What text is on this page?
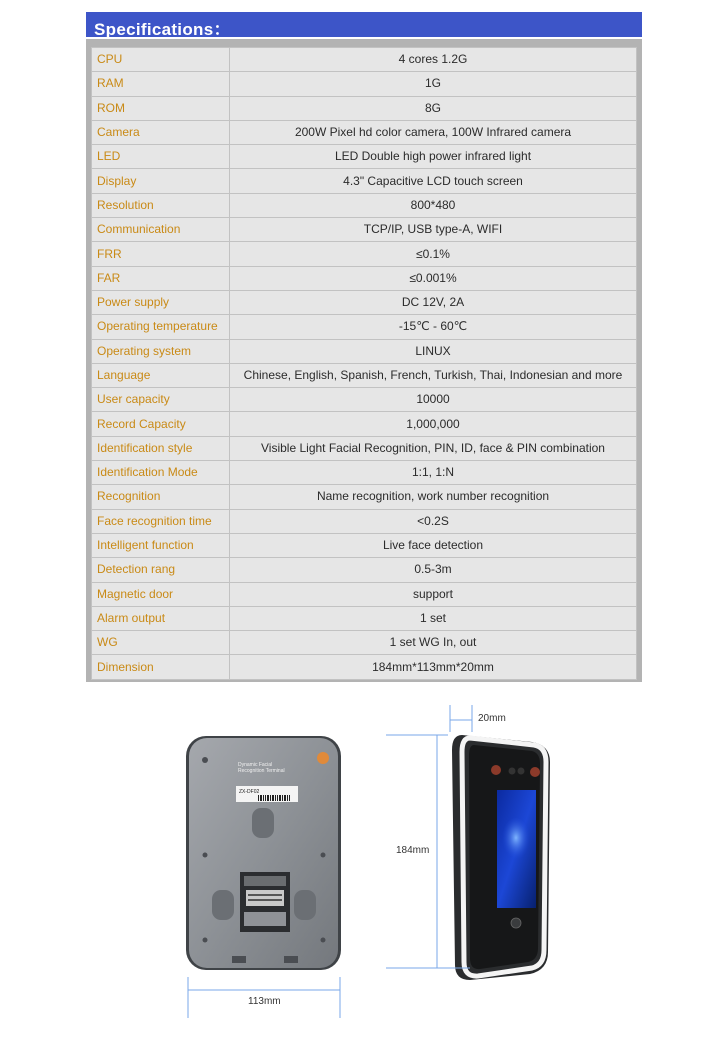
Specifications：
CPU	4 cores 1.2G
RAM	1G
ROM	8G
Camera	200W Pixel hd color camera, 100W Infrared camera
LED	LED Double high power infrared light
Display	4.3" Capacitive LCD touch screen
Resolution	800*480
Communication	TCP/IP, USB type-A, WIFI
FRR	≤0.1%
FAR	≤0.001%
Power supply	DC 12V, 2A
Operating temperature	-15℃ - 60℃
Operating system	LINUX
Language	Chinese, English, Spanish, French, Turkish, Thai, Indonesian and more
User capacity	10000
Record Capacity	1,000,000
Identification style	Visible Light Facial Recognition, PIN, ID, face & PIN combination
Identification Mode	1:1, 1:N
Recognition	Name recognition, work number recognition
Face recognition time	<0.2S
Intelligent function	Live face detection
Detection rang	0.5-3m
Magnetic door	support
Alarm output	1 set
WG	1 set WG In, out
Dimension	184mm*113mm*20mm
Dynamic Facial
Recognition Terminal
ZX-DF02
113mm
20mm
184mm
